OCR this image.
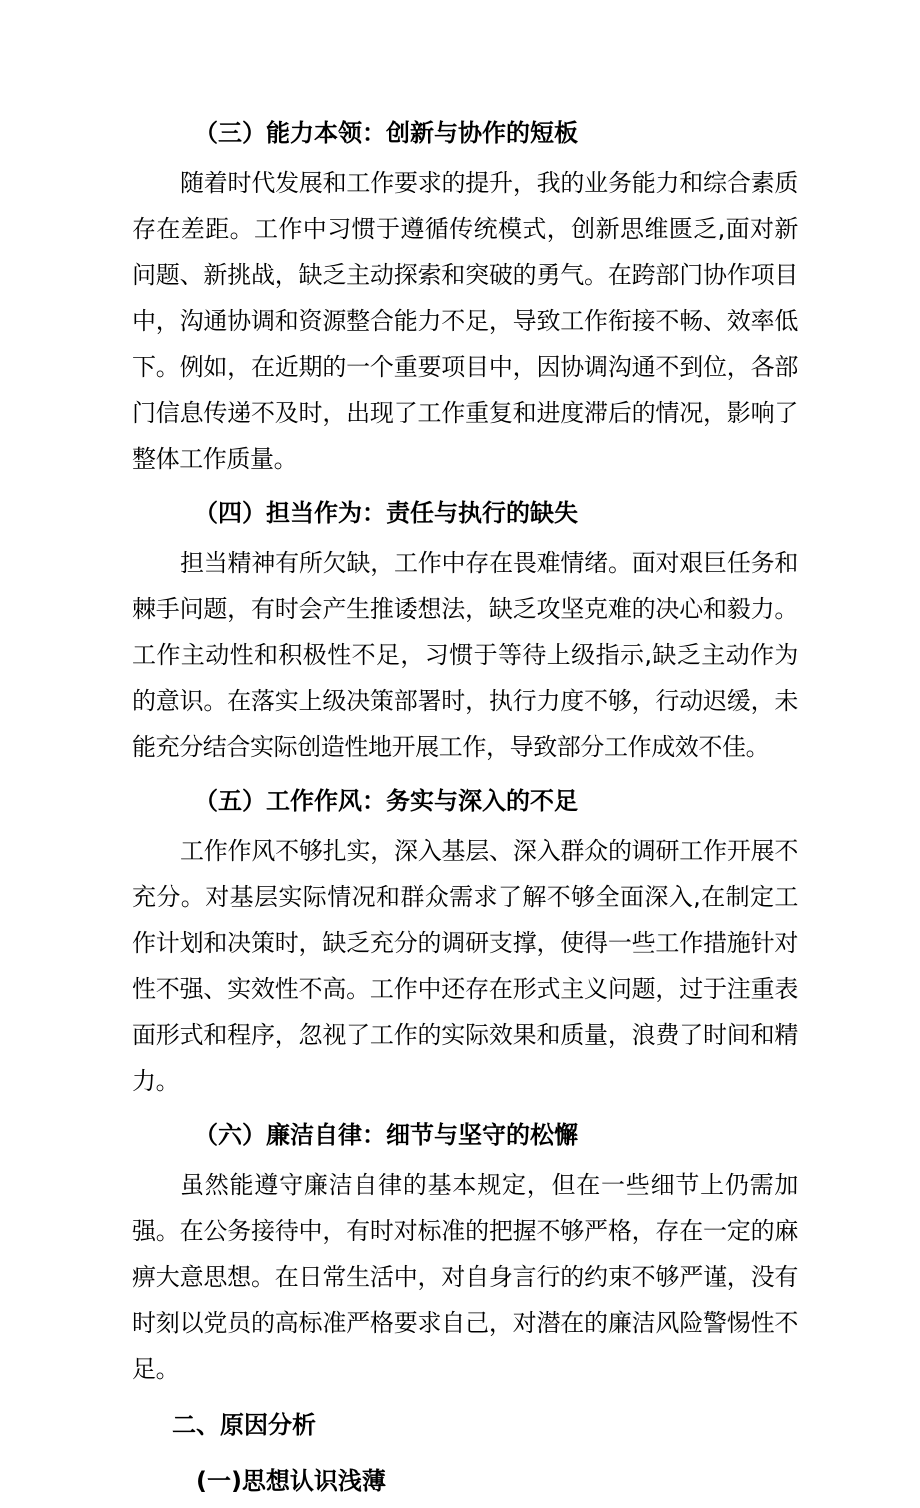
（三）能力本领：创新与协作的短板

随着时代发展和工作要求的提升，我的业务能力和综合素质存在差距。工作中习惯于遵循传统模式，创新思维匮乏,面对新问题、新挑战，缺乏主动探索和突破的勇气。在跨部门协作项目中，沟通协调和资源整合能力不足，导致工作衔接不畅、效率低下。例如，在近期的一个重要项目中，因协调沟通不到位，各部门信息传递不及时，出现了工作重复和进度滞后的情况，影响了整体工作质量。

（四）担当作为：责任与执行的缺失

担当精神有所欠缺，工作中存在畏难情绪。面对艰巨任务和棘手问题，有时会产生推诿想法，缺乏攻坚克难的决心和毅力。工作主动性和积极性不足，习惯于等待上级指示,缺乏主动作为的意识。在落实上级决策部署时，执行力度不够，行动迟缓，未能充分结合实际创造性地开展工作，导致部分工作成效不佳。

（五）工作作风：务实与深入的不足

工作作风不够扎实，深入基层、深入群众的调研工作开展不充分。对基层实际情况和群众需求了解不够全面深入,在制定工作计划和决策时，缺乏充分的调研支撑，使得一些工作措施针对性不强、实效性不高。工作中还存在形式主义问题，过于注重表面形式和程序，忽视了工作的实际效果和质量，浪费了时间和精力。

（六）廉洁自律：细节与坚守的松懈

虽然能遵守廉洁自律的基本规定，但在一些细节上仍需加强。在公务接待中，有时对标准的把握不够严格，存在一定的麻痹大意思想。在日常生活中，对自身言行的约束不够严谨，没有时刻以党员的高标准严格要求自己，对潜在的廉洁风险警惕性不足。

二、原因分析
(一)思想认识浅薄
